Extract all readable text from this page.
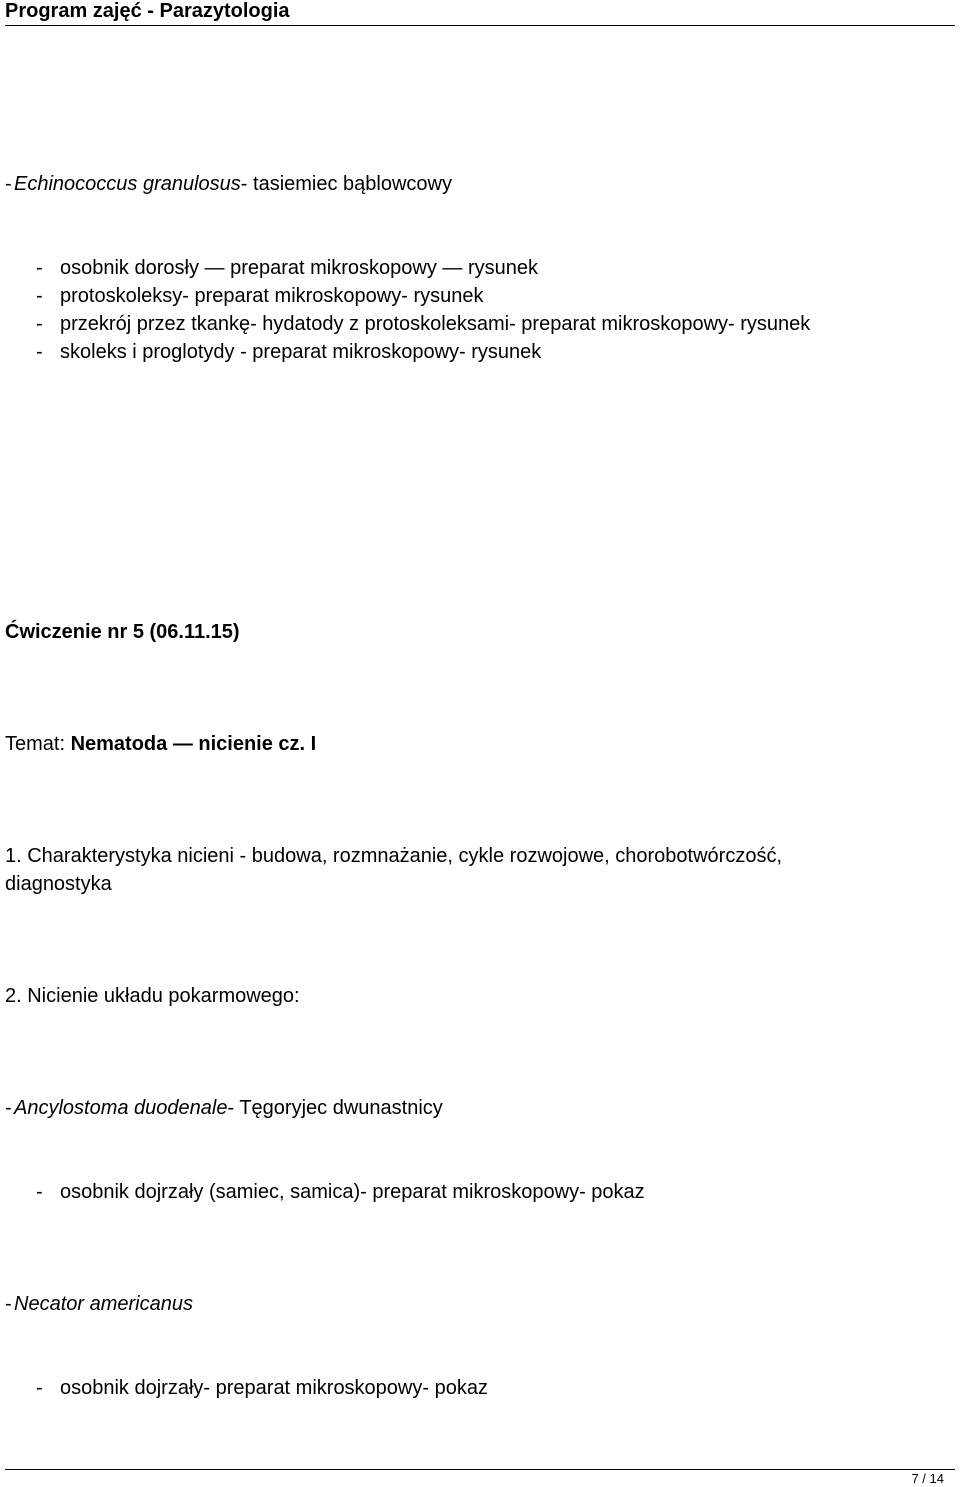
Program zajęć - Parazytologia
- Echinococcus granulosus- tasiemiec bąblowcowy
- osobnik dorosły — preparat mikroskopowy — rysunek
- protoskoleksy- preparat mikroskopowy- rysunek
- przekrój przez tkankę- hydatody z protoskoleksami- preparat mikroskopowy- rysunek
- skoleks i proglotydy - preparat mikroskopowy- rysunek
Ćwiczenie nr 5 (06.11.15)
Temat: Nematoda — nicienie cz. I
1. Charakterystyka nicieni - budowa, rozmnażanie, cykle rozwojowe, chorobotwórczość,
diagnostyka
2. Nicienie układu pokarmowego:
- Ancylostoma duodenale- Tęgoryjec dwunastnicy
- osobnik dojrzały (samiec, samica)- preparat mikroskopowy- pokaz
- Necator americanus
- osobnik dojrzały- preparat mikroskopowy- pokaz
7 / 14
